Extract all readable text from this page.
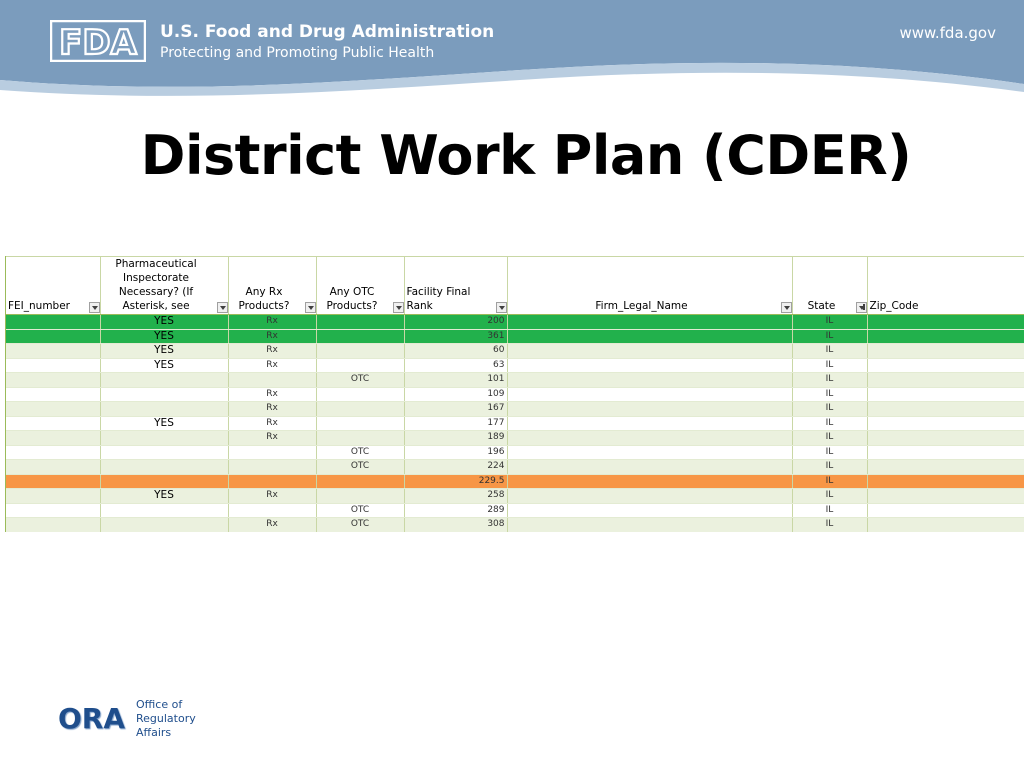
FDA U.S. Food and Drug Administration
Protecting and Promoting Public Health
www.fda.gov
District Work Plan (CDER)
FEI_number	Pharmaceutical Inspectorate Necessary? (If Asterisk, see	Any Rx Products?	Any OTC Products?	Facility Final Rank	Firm_Legal_Name	State	Zip_Code

	YES	Rx		200		IL	
	YES	Rx		361		IL	
	YES	Rx		60		IL	
	YES	Rx		63		IL	
			OTC	101		IL	
		Rx		109		IL	
		Rx		167		IL	
	YES	Rx		177		IL	
		Rx		189		IL	
			OTC	196		IL	
			OTC	224		IL	
				229.5		IL	
	YES	Rx		258		IL	
			OTC	289		IL	
		Rx	OTC	308		IL	
ORA Office of
Regulatory
Affairs
